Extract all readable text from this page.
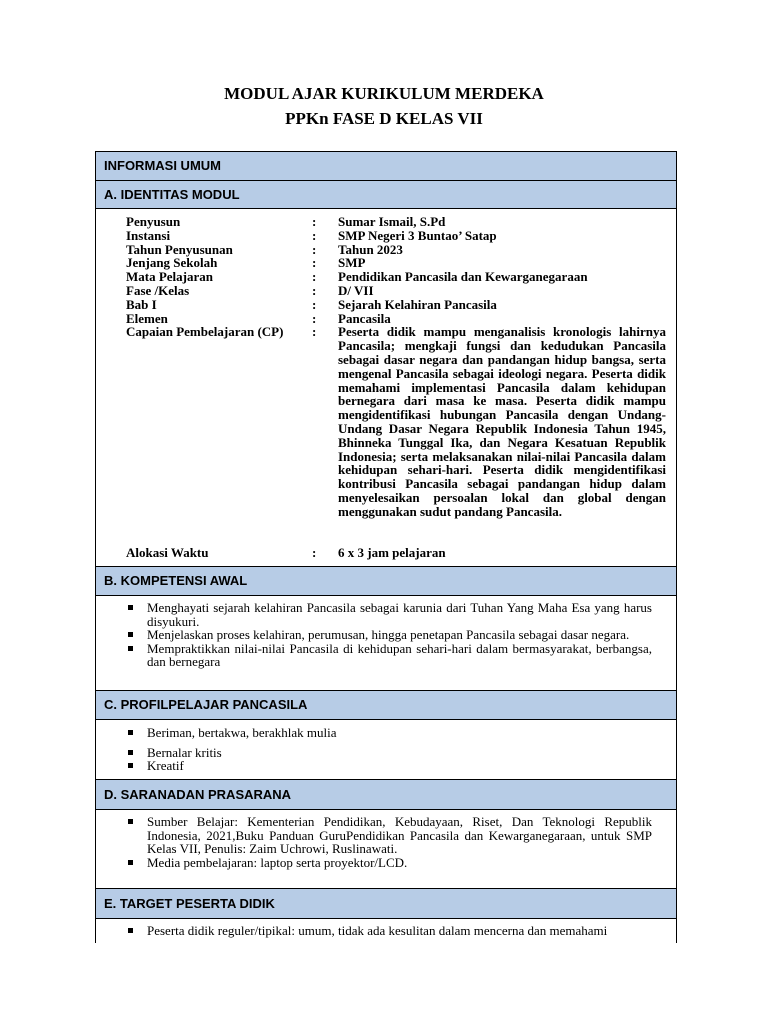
MODUL AJAR KURIKULUM MERDEKA
PPKn FASE D KELAS VII
INFORMASI UMUM
A. IDENTITAS MODUL
Penyusun	:	Sumar Ismail, S.Pd
Instansi	:	SMP Negeri 3 Buntao’ Satap
Tahun Penyusunan	:	Tahun 2023
Jenjang Sekolah	:	SMP
Mata Pelajaran	:	Pendidikan Pancasila dan Kewarganegaraan
Fase /Kelas	:	D/ VII
Bab I	:	Sejarah Kelahiran Pancasila
Elemen	:	Pancasila
Capaian Pembelajaran (CP)	:	Peserta didik mampu menganalisis kronologis lahirnya Pancasila; mengkaji fungsi dan kedudukan Pancasila sebagai dasar negara dan pandangan hidup bangsa, serta mengenal Pancasila sebagai ideologi negara. Peserta didik memahami implementasi Pancasila dalam kehidupan bernegara dari masa ke masa. Peserta didik mampu mengidentifikasi hubungan Pancasila dengan Undang-Undang Dasar Negara Republik Indonesia Tahun 1945, Bhinneka Tunggal Ika, dan Negara Kesatuan Republik Indonesia; serta melaksanakan nilai-nilai Pancasila dalam kehidupan sehari-hari. Peserta didik mengidentifikasi kontribusi Pancasila sebagai pandangan hidup dalam menyelesaikan persoalan lokal dan global dengan menggunakan sudut pandang Pancasila.
Alokasi Waktu	:	6 x 3 jam pelajaran
B. KOMPETENSI AWAL
Menghayati sejarah kelahiran Pancasila sebagai karunia dari Tuhan Yang Maha Esa yang harus disyukuri.
Menjelaskan proses kelahiran, perumusan, hingga penetapan Pancasila sebagai dasar negara.
Mempraktikkan nilai-nilai Pancasila di kehidupan sehari-hari dalam bermasyarakat, berbangsa, dan bernegara
C. PROFILPELAJAR PANCASILA
Beriman, bertakwa, berakhlak mulia
Bernalar kritis
Kreatif
D. SARANADAN PRASARANA
Sumber Belajar: Kementerian Pendidikan, Kebudayaan, Riset, Dan Teknologi Republik Indonesia, 2021,Buku Panduan GuruPendidikan Pancasila dan Kewarganegaraan, untuk SMP Kelas VII, Penulis: Zaim Uchrowi, Ruslinawati.
Media pembelajaran: laptop serta proyektor/LCD.
E. TARGET PESERTA DIDIK
Peserta didik reguler/tipikal: umum, tidak ada kesulitan dalam mencerna dan memahami
